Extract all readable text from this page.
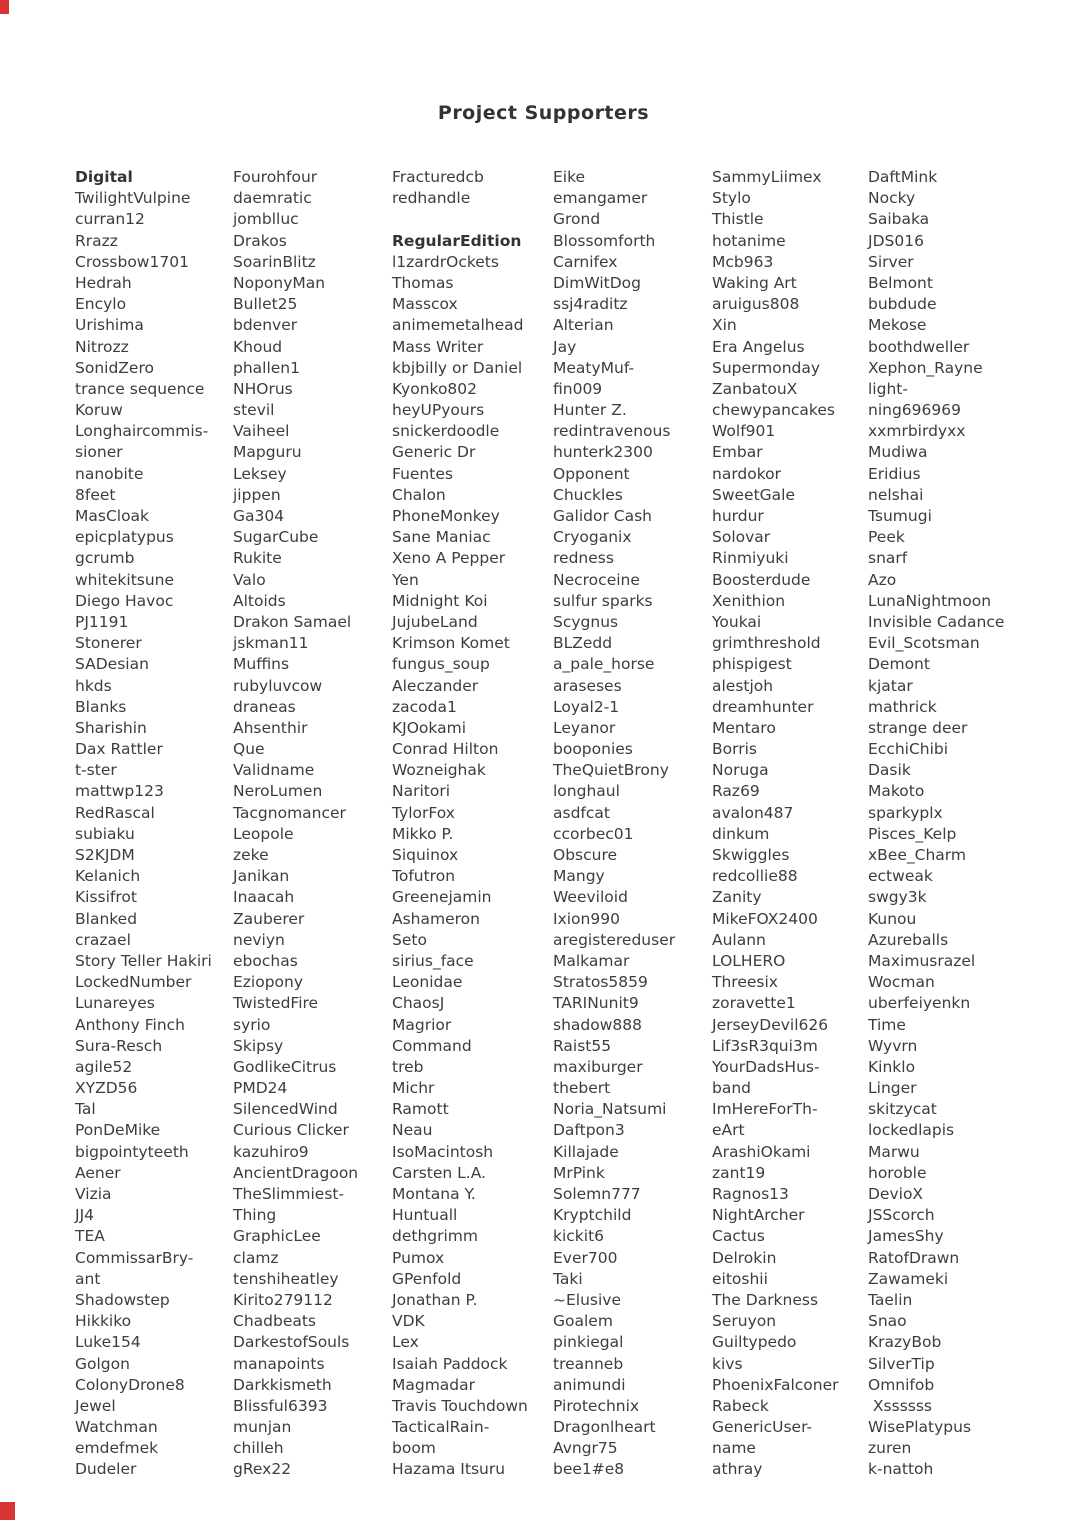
Project Supporters
Digital
TwilightVulpine
curran12
Rrazz
Crossbow1701
Hedrah
Encylo
Urishima
Nitrozz
SonidZero
trance sequence
Koruw
Longhaircommis-
sioner
nanobite
8feet
MasCloak
epicplatypus
gcrumb
whitekitsune
Diego Havoc
PJ1191
Stonerer
SADesian
hkds
Blanks
Sharishin
Dax Rattler
t-ster
mattwp123
RedRascal
subiaku
S2KJDM
Kelanich
Kissifrot
Blanked
crazael
Story Teller Hakiri
LockedNumber
Lunareyes
Anthony Finch
Sura-Resch
agile52
XYZD56
Tal
PonDeMike
bigpointyteeth
Aener
Vizia
JJ4
TEA
CommissarBry-
ant
Shadowstep
Hikkiko
Luke154
Golgon
ColonyDrone8
Jewel
Watchman
emdefmek
Dudeler
Fourohfour
daemratic
jomblluc
Drakos
SoarinBlitz
NoponyMan
Bullet25
bdenver
Khoud
phallen1
NHOrus
stevil
Vaiheel
Mapguru
Leksey
jippen
Ga304
SugarCube
Rukite
Valo
Altoids
Drakon Samael
jskman11
Muffins
rubyluvcow
draneas
Ahsenthir
Que
Validname
NeroLumen
Tacgnomancer
Leopole
zeke
Janikan
Inaacah
Zauberer
neviyn
ebochas
Eziopony
TwistedFire
syrio
Skipsy
GodlikeCitrus
PMD24
SilencedWind
Curious Clicker
kazuhiro9
AncientDragoon
TheSlimmiest-
Thing
GraphicLee
clamz
tenshiheatley
Kirito279112
Chadbeats
DarkestofSouls
manapoints
Darkkismeth
Blissful6393
munjan
chilleh
gRex22
Fracturedcb
redhandle
RegularEdition
l1zardrOckets
Thomas
Masscox
animemetalhead
Mass Writer
kbjbilly or Daniel
Kyonko802
heyUPyours
snickerdoodle
Generic Dr
Fuentes
Chalon
PhoneMonkey
Sane Maniac
Xeno A Pepper
Yen
Midnight Koi
JujubeLand
Krimson Komet
fungus_soup
Aleczander
zacoda1
KJOokami
Conrad Hilton
Wozneighak
Naritori
TylorFox
Mikko P.
Siquinox
Tofutron
Greenejamin
Ashameron
Seto
sirius_face
Leonidae
ChaosJ
Magrior
Command
treb
Michr
Ramott
Neau
IsoMacintosh
Carsten L.A.
Montana Y.
Huntuall
dethgrimm
Pumox
GPenfold
Jonathan P.
VDK
Lex
Isaiah Paddock
Magmadar
Travis Touchdown
TacticalRain-
boom
Hazama Itsuru
Eike
emangamer
Grond
Blossomforth
Carnifex
DimWitDog
ssj4raditz
Alterian
Jay
MeatyMuf-
fin009
Hunter Z.
redintravenous
hunterk2300
Opponent
Chuckles
Galidor Cash
Cryoganix
redness
Necroceine
sulfur sparks
Scygnus
BLZedd
a_pale_horse
araseses
Loyal2-1
Leyanor
booponies
TheQuietBrony
longhaul
asdfcat
ccorbec01
Obscure
Mangy
Weeviloid
Ixion990
aregistereduser
Malkamar
Stratos5859
TARINunit9
shadow888
Raist55
maxiburger
thebert
Noria_Natsumi
Daftpon3
Killajade
MrPink
Solemn777
Kryptchild
kickit6
Ever700
Taki
~Elusive
Goalem
pinkiegal
treanneb
animundi
Pirotechnix
Dragonlheart
Avngr75
bee1#e8
SammyLiimex
Stylo
Thistle
hotanime
Mcb963
Waking Art
aruigus808
Xin
Era Angelus
Supermonday
ZanbatouX
chewypancakes
Wolf901
Embar
nardokor
SweetGale
hurdur
Solovar
Rinmiyuki
Boosterdude
Xenithion
Youkai
grimthreshold
phispigest
alestjoh
dreamhunter
Mentaro
Borris
Noruga
Raz69
avalon487
dinkum
Skwiggles
redcollie88
Zanity
MikeFOX2400
Aulann
LOLHERO
Threesix
zoravette1
JerseyDevil626
Lif3sR3qui3m
YourDadsHus-
band
ImHereForTh-
eArt
ArashiOkami
zant19
Ragnos13
NightArcher
Cactus
Delrokin
eitoshii
The Darkness
Seruyon
Guiltypedo
kivs
PhoenixFalconer
Rabeck
GenericUser-
name
athray
DaftMink
Nocky
Saibaka
JDS016
Sirver
Belmont
bubdude
Mekose
boothdweller
Xephon_Rayne
light-
ning696969
xxmrbirdyxx
Mudiwa
Eridius
nelshai
Tsumugi
Peek
snarf
Azo
LunaNightmoon
Invisible Cadance
Evil_Scotsman
Demont
kjatar
mathrick
strange deer
EcchiChibi
Dasik
Makoto
sparkyplx
Pisces_Kelp
xBee_Charm
ectweak
swgy3k
Kunou
Azureballs
Maximusrazel
Wocman
uberfeiyenkn
Time
Wyvrn
Kinklo
Linger
skitzycat
lockedlapis
Marwu
horoble
DevioX
JSScorch
JamesShy
RatofDrawn
Zawameki
Taelin
Snao
KrazyBob
SilverTip
Omnifob
Xssssss
WisePlatypus
zuren
k-nattoh
